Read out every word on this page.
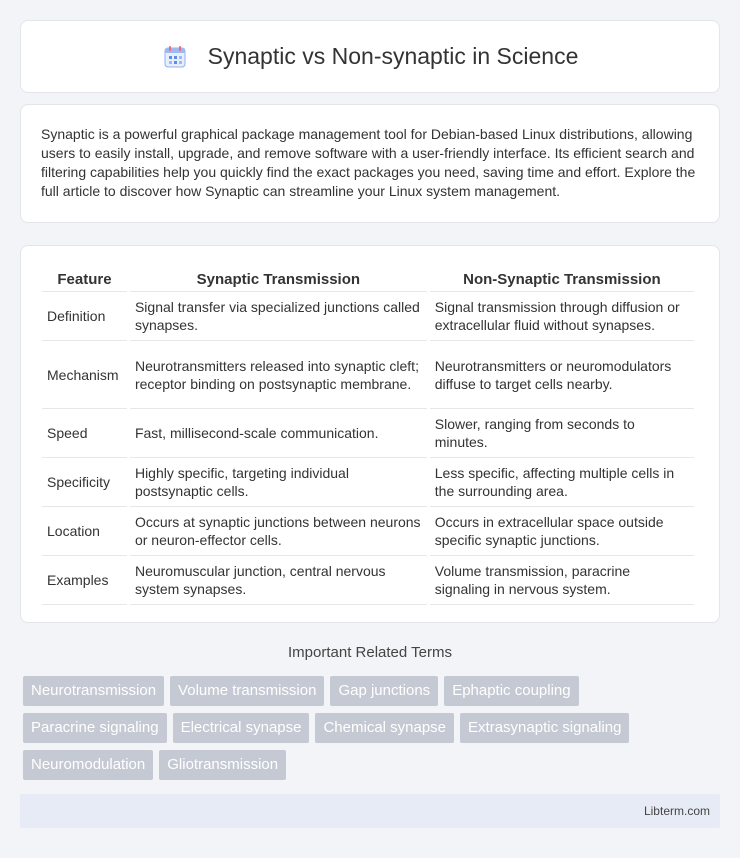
Synaptic vs Non-synaptic in Science

Synaptic is a powerful graphical package management tool for Debian-based Linux distributions, allowing users to easily install, upgrade, and remove software with a user-friendly interface. Its efficient search and filtering capabilities help you quickly find the exact packages you need, saving time and effort. Explore the full article to discover how Synaptic can streamline your Linux system management.

Feature	Synaptic Transmission	Non-Synaptic Transmission
Definition	Signal transfer via specialized junctions called synapses.	Signal transmission through diffusion or extracellular fluid without synapses.
Mechanism	Neurotransmitters released into synaptic cleft; receptor binding on postsynaptic membrane.	Neurotransmitters or neuromodulators diffuse to target cells nearby.
Speed	Fast, millisecond-scale communication.	Slower, ranging from seconds to minutes.
Specificity	Highly specific, targeting individual postsynaptic cells.	Less specific, affecting multiple cells in the surrounding area.
Location	Occurs at synaptic junctions between neurons or neuron-effector cells.	Occurs in extracellular space outside specific synaptic junctions.
Examples	Neuromuscular junction, central nervous system synapses.	Volume transmission, paracrine signaling in nervous system.
Important Related Terms
Neurotransmission	Volume transmission	Gap junctions	Ephaptic coupling
Paracrine signaling	Electrical synapse	Chemical synapse	Extrasynaptic signaling
Neuromodulation	Gliotransmission
Libterm.com
